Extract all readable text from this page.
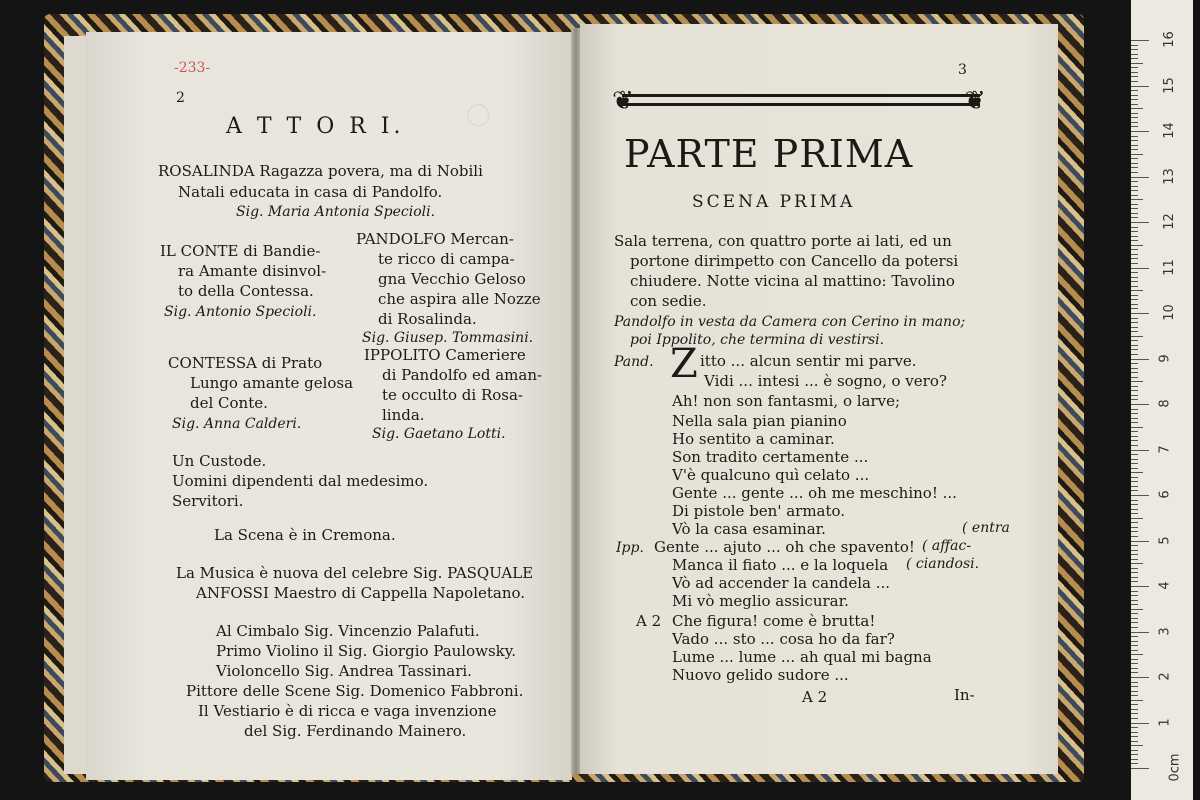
◯
-233-
2
A T T O R I.
ROSALINDA Ragazza povera, ma di Nobili
Natali educata in casa di Pandolfo.
Sig. Maria Antonia Specioli.
IL CONTE di Bandie-
ra Amante disinvol-
to della Contessa.
Sig. Antonio Specioli.
PANDOLFO Mercan-
te ricco di campa-
gna Vecchio Geloso
che aspira alle Nozze
di Rosalinda.
Sig. Giusep. Tommasini.
CONTESSA di Prato
Lungo amante gelosa
del Conte.
Sig. Anna Calderi.
IPPOLITO Cameriere
di Pandolfo ed aman-
te occulto di Rosa-
linda.
Sig. Gaetano Lotti.
Un Custode.
Uomini dipendenti dal medesimo.
Servitori.
La Scena è in Cremona.
La Musica è nuova del celebre Sig. PASQUALE
ANFOSSI Maestro di Cappella Napoletano.
Al Cimbalo Sig. Vincenzio Palafuti.
Primo Violino il Sig. Giorgio Paulowsky.
Violoncello Sig. Andrea Tassinari.
Pittore delle Scene Sig. Domenico Fabbroni.
Il Vestiario è di ricca e vaga invenzione
del Sig. Ferdinando Mainero.
3
❦	❦
PARTE PRIMA
SCENA PRIMA
Sala terrena, con quattro porte ai lati, ed un
portone dirimpetto con Cancello da potersi
chiudere. Notte vicina al mattino: Tavolino
con sedie.
Pandolfo in vesta da Camera con Cerino in mano;
poi Ippolito, che termina di vestirsi.
Pand. Z itto ... alcun sentir mi parve.
Vidi ... intesi ... è sogno, o vero?
Ah! non son fantasmi, o larve;
Nella sala pian pianino
Ho sentito a caminar.
Son tradito certamente ...
V'è qualcuno quì celato ...
Gente ... gente ... oh me meschino! ...
Di pistole ben' armato.
Vò la casa esaminar.	( entra
Ipp. Gente ... ajuto ... oh che spavento! ( affac-
Manca il fiato ... e la loquela ( ciandosi.
Vò ad accender la candela ...
Mi vò meglio assicurar.
A 2 Che figura! come è brutta!
Vado ... sto ... cosa ho da far?
Lume ... lume ... ah qual mi bagna
Nuovo gelido sudore ...
A 2	In-
16
15
14
13
12
11
10
9
8
7
6
5
4
3
2
1
0cm
